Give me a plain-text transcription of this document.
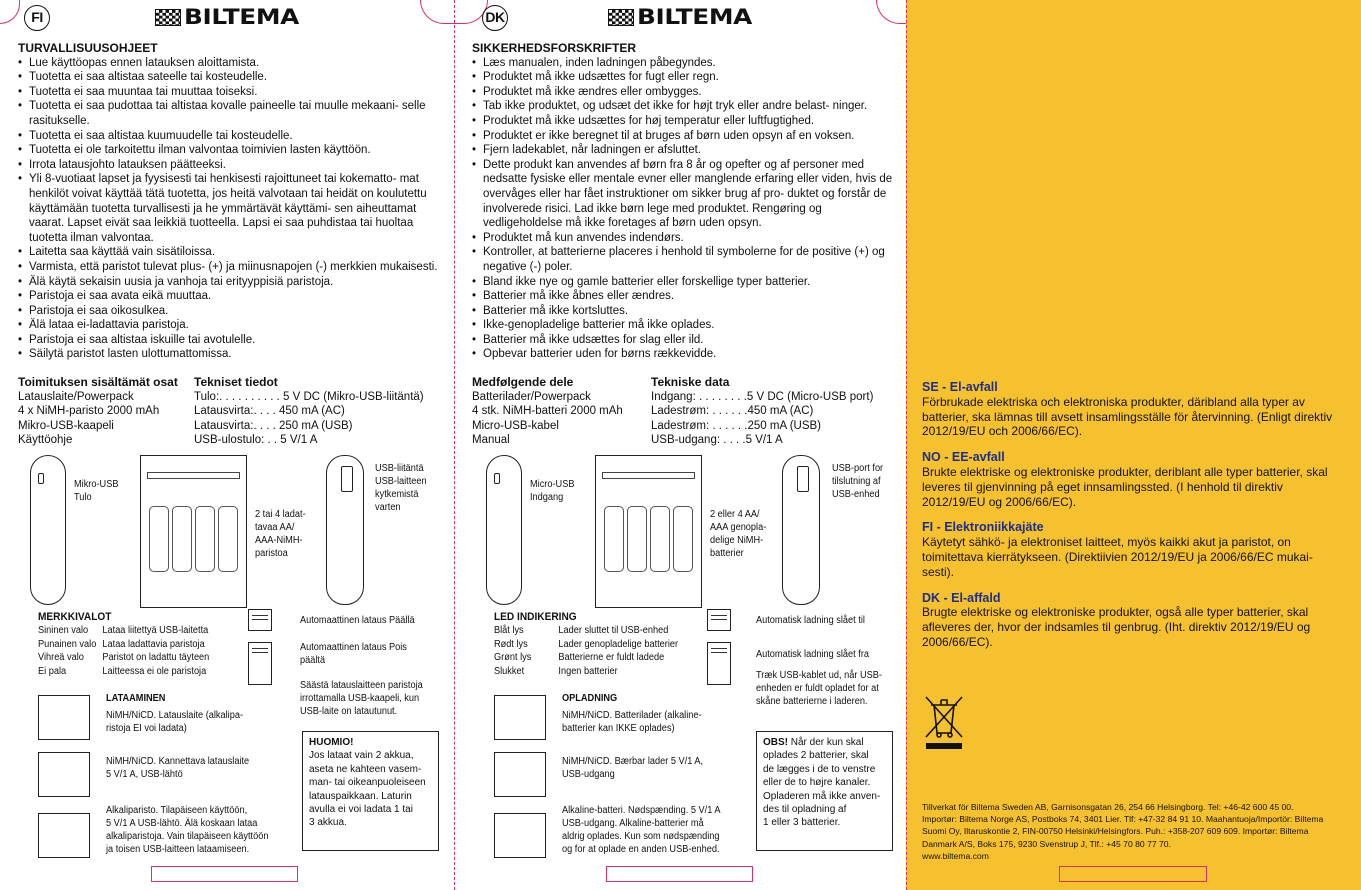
FI	BILTEMA
TURVALLISUUSOHJEET
• Lue käyttöopas ennen latauksen aloittamista.
• Tuotetta ei saa altistaa sateelle tai kosteudelle.
• Tuotetta ei saa muuntaa tai muuttaa toiseksi.
• Tuotetta ei saa pudottaa tai altistaa kovalle paineelle tai muulle mekaani- selle rasitukselle.
• Tuotetta ei saa altistaa kuumuudelle tai kosteudelle.
• Tuotetta ei ole tarkoitettu ilman valvontaa toimivien lasten käyttöön.
• Irrota latausjohto latauksen päätteeksi.
• Yli 8-vuotiaat lapset ja fyysisesti tai henkisesti rajoittuneet tai kokematto- mat henkilöt voivat käyttää tätä tuotetta, jos heitä valvotaan tai heidät on koulutettu käyttämään tuotetta turvallisesti ja he ymmärtävät käyttämi- sen aiheuttamat vaarat. Lapset eivät saa leikkiä tuotteella. Lapsi ei saa puhdistaa tai huoltaa tuotetta ilman valvontaa.
• Laitetta saa käyttää vain sisätiloissa.
• Varmista, että paristot tulevat plus- (+) ja miinusnapojen (-) merkkien mukaisesti.
• Älä käytä sekaisin uusia ja vanhoja tai erityyppisiä paristoja.
• Paristoja ei saa avata eikä muuttaa.
• Paristoja ei saa oikosulkea.
• Älä lataa ei-ladattavia paristoja.
• Paristoja ei saa altistaa iskuille tai avotulelle.
• Säilytä paristot lasten ulottumattomissa.
Toimituksen sisältämät osat
Latauslaite/Powerpack
4 x NiMH-paristo 2000 mAh
Mikro-USB-kaapeli
Käyttöohje
Tekniset tiedot
Tulo:. . . . . . . . . . 5 V DC (Mikro-USB-liitäntä)
Latausvirta:. . . . 450 mA (AC)
Latausvirta:. . . . 250 mA (USB)
USB-ulostulo: . . 5 V/1 A
Mikro-USB
Tulo
2 tai 4 ladat-
tavaa AA/
AAA-NiMH-
paristoa
USB-liitäntä
USB-laitteen
kytkemistä
varten
MERKKIVALOT
Sininen valo	Lataa liitettyä USB-laitetta
Punainen valo Lataa ladattavia paristoja
Vihreä valo	Paristot on ladattu täyteen
Ei pala	Laitteessa ei ole paristoja
Automaattinen lataus Päällä
Automaattinen lataus Pois
päältä
Säästä latauslaitteen paristoja
irrottamalla USB-kaapeli, kun
USB-laite on latautunut.
LATAAMINEN
NiMH/NiCD. Latauslaite (alkalipa-
ristoja EI voi ladata)
NiMH/NiCD. Kannettava latauslaite
5 V/1 A, USB-lähtö
Alkaliparisto. Tilapäiseen käyttöön,
5 V/1 A USB-lähtö. Älä koskaan lataa
alkaliparistoja. Vain tilapäiseen käyttöön
ja toisen USB-laitteen lataamiseen.
HUOMIO!
Jos lataat vain 2 akkua,
aseta ne kahteen vasem-
man- tai oikeanpuoleiseen
latauspaikkaan. Laturin
avulla ei voi ladata 1 tai
3 akkua.
DK	BILTEMA
SIKKERHEDSFORSKRIFTER
• Læs manualen, inden ladningen påbegyndes.
• Produktet må ikke udsættes for fugt eller regn.
• Produktet må ikke ændres eller ombygges.
• Tab ikke produktet, og udsæt det ikke for højt tryk eller andre belast- ninger.
• Produktet må ikke udsættes for høj temperatur eller luftfugtighed.
• Produktet er ikke beregnet til at bruges af børn uden opsyn af en voksen.
• Fjern ladekablet, når ladningen er afsluttet.
• Dette produkt kan anvendes af børn fra 8 år og opefter og af personer med nedsatte fysiske eller mentale evner eller manglende erfaring eller viden, hvis de overvåges eller har fået instruktioner om sikker brug af pro- duktet og forstår de involverede risici. Lad ikke børn lege med produktet. Rengøring og vedligeholdelse må ikke foretages af børn uden opsyn.
• Produktet må kun anvendes indendørs.
• Kontroller, at batterierne placeres i henhold til symbolerne for de positive (+) og negative (-) poler.
• Bland ikke nye og gamle batterier eller forskellige typer batterier.
• Batterier må ikke åbnes eller ændres.
• Batterier må ikke kortsluttes.
• Ikke-genopladelige batterier må ikke oplades.
• Batterier må ikke udsættes for slag eller ild.
• Opbevar batterier uden for børns rækkevidde.
Medfølgende dele
Batterilader/Powerpack
4 stk. NiMH-batteri 2000 mAh
Micro-USB-kabel
Manual
Tekniske data
Indgang: . . . . . . . .5 V DC (Micro-USB port)
Ladestrøm: . . . . . .450 mA (AC)
Ladestrøm: . . . . . .250 mA (USB)
USB-udgang: . . . .5 V/1 A
Micro-USB
Indgang
2 eller 4 AA/
AAA genopla-
delige NiMH-
batterier
USB-port for
tilslutning af
USB-enhed
LED INDIKERING
Blåt lys	Lader sluttet til USB-enhed
Rødt lys	Lader genopladelige batterier
Grønt lys	Batterierne er fuldt ladede
Slukket	Ingen batterier
Automatisk ladning slået til
Automatisk ladning slået fra
Træk USB-kablet ud, når USB-
enheden er fuldt opladet for at
skåne batterierne i laderen.
OPLADNING
NiMH/NiCD. Batterilader (alkaline-
batterier kan IKKE oplades)
NiMH/NiCD. Bærbar lader 5 V/1 A,
USB-udgang
Alkaline-batteri. Nødspænding. 5 V/1 A
USB-udgang. Alkaline-batterier må
aldrig oplades. Kun som nødspænding
og for at oplade en anden USB-enhed.
OBS! Når der kun skal
oplades 2 batterier, skal
de lægges i de to venstre
eller de to højre kanaler.
Opladeren må ikke anven-
des til opladning af
1 eller 3 batterier.
SE - El-avfall
Förbrukade elektriska och elektroniska produkter, däribland alla typer av batterier, ska lämnas till avsett insamlingsställe för återvinning. (Enligt direktiv 2012/19/EU och 2006/66/EC).
NO - EE-avfall
Brukte elektriske og elektroniske produkter, deriblant alle typer batterier, skal leveres til gjenvinning på eget innsamlingssted. (I henhold til direktiv 2012/19/EU og 2006/66/EC).
FI - Elektroniikkajäte
Käytetyt sähkö- ja elektroniset laitteet, myös kaikki akut ja paristot, on toimitettava kierrätykseen. (Direktiivien 2012/19/EU ja 2006/66/EC mukai- sesti).
DK - El-affald
Brugte elektriske og elektroniske produkter, også alle typer batterier, skal afleveres der, hvor der indsamles til genbrug. (Iht. direktiv 2012/19/EU og 2006/66/EC).
Tillverkat för Biltema Sweden AB, Garnisonsgatan 26, 254 66 Helsingborg. Tel: +46-42 600 45 00.
Importør: Biltema Norge AS, Postboks 74, 3401 Lier. Tlf: +47-32 84 91 10. Maahantuoja/Importör: Biltema
Suomi Oy, Iltaruskontie 2, FIN-00750 Helsinki/Helsingfors. Puh.: +358-207 609 609. Importør: Biltema
Danmark A/S, Boks 175, 9230 Svenstrup J, Tlf.: +45 70 80 77 70.
www.biltema.com
